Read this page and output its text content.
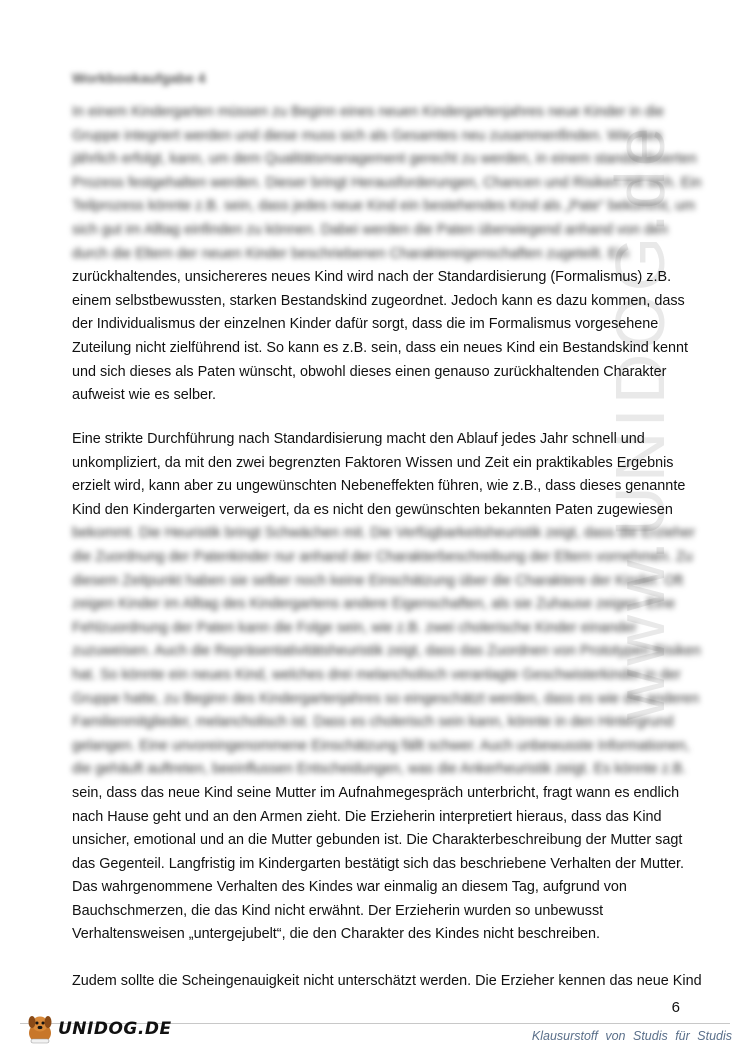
www.UNIDOG.de
Workbookaufgabe 4
In einem Kindergarten müssen zu Beginn eines neuen Kindergartenjahres neue Kinder in die
Gruppe integriert werden und diese muss sich als Gesamtes neu zusammenfinden. Wie dies
jährlich erfolgt, kann, um dem Qualitätsmanagement gerecht zu werden, in einem standardisierten
Prozess festgehalten werden. Dieser bringt Herausforderungen, Chancen und Risiken mit sich. Ein
Teilprozess könnte z.B. sein, dass jedes neue Kind ein bestehendes Kind als „Pate“ bekommt, um
sich gut im Alltag einfinden zu können. Dabei werden die Paten überwiegend anhand von den
durch die Eltern der neuen Kinder beschriebenen Charaktereigenschaften zugeteilt. Ein
zurückhaltendes, unsichereres neues Kind wird nach der Standardisierung (Formalismus) z.B.
einem selbstbewussten, starken Bestandskind zugeordnet. Jedoch kann es dazu kommen, dass
der Individualismus der einzelnen Kinder dafür sorgt, dass die im Formalismus vorgesehene
Zuteilung nicht zielführend ist. So kann es z.B. sein, dass ein neues Kind ein Bestandskind kennt
und sich dieses als Paten wünscht, obwohl dieses einen genauso zurückhaltenden Charakter
aufweist wie es selber.
Eine strikte Durchführung nach Standardisierung macht den Ablauf jedes Jahr schnell und
unkompliziert, da mit den zwei begrenzten Faktoren Wissen und Zeit ein praktikables Ergebnis
erzielt wird, kann aber zu ungewünschten Nebeneffekten führen, wie z.B., dass dieses genannte
Kind den Kindergarten verweigert, da es nicht den gewünschten bekannten Paten zugewiesen
bekommt. Die Heuristik bringt Schwächen mit. Die Verfügbarkeitsheuristik zeigt, dass die Erzieher
die Zuordnung der Patenkinder nur anhand der Charakterbeschreibung der Eltern vornehmen. Zu
diesem Zeitpunkt haben sie selber noch keine Einschätzung über die Charaktere der Kinder. Oft
zeigen Kinder im Alltag des Kindergartens andere Eigenschaften, als sie Zuhause zeigen. Eine
Fehlzuordnung der Paten kann die Folge sein, wie z.B. zwei cholerische Kinder einander
zuzuweisen. Auch die Repräsentativitätsheuristik zeigt, dass das Zuordnen von Prototypen Risiken
hat. So könnte ein neues Kind, welches drei melancholisch veranlagte Geschwisterkinder in der
Gruppe hatte, zu Beginn des Kindergartenjahres so eingeschätzt werden, dass es wie die anderen
Familienmitglieder, melancholisch ist. Dass es cholerisch sein kann, könnte in den Hintergrund
gelangen. Eine unvoreingenommene Einschätzung fällt schwer. Auch unbewusste Informationen,
die gehäuft auftreten, beeinflussen Entscheidungen, was die Ankerheuristik zeigt. Es könnte z.B.
sein, dass das neue Kind seine Mutter im Aufnahmegespräch unterbricht, fragt wann es endlich
nach Hause geht und an den Armen zieht. Die Erzieherin interpretiert hieraus, dass das Kind
unsicher, emotional und an die Mutter gebunden ist. Die Charakterbeschreibung der Mutter sagt
das Gegenteil. Langfristig im Kindergarten bestätigt sich das beschriebene Verhalten der Mutter.
Das wahrgenommene Verhalten des Kindes war einmalig an diesem Tag, aufgrund von
Bauchschmerzen, die das Kind nicht erwähnt. Der Erzieherin wurden so unbewusst
Verhaltensweisen „untergejubelt“, die den Charakter des Kindes nicht beschreiben.
Zudem sollte die Scheingenauigkeit nicht unterschätzt werden. Die Erzieher kennen das neue Kind
6
UNIDOG.DE	Klausurstoff von Studis für Studis
